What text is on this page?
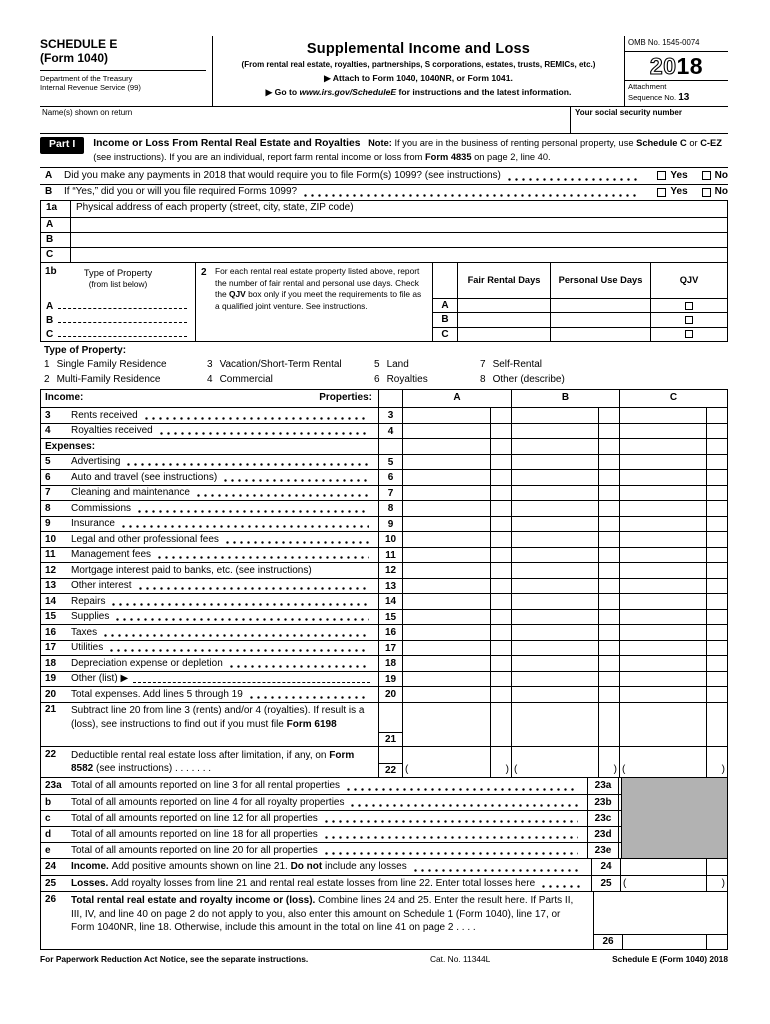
SCHEDULE E
(Form 1040)
Department of the Treasury
Internal Revenue Service (99)
Supplemental Income and Loss
(From rental real estate, royalties, partnerships, S corporations, estates, trusts, REMICs, etc.)
▶ Attach to Form 1040, 1040NR, or Form 1041.
▶ Go to www.irs.gov/ScheduleE for instructions and the latest information.
OMB No. 1545-0074
20 18
Attachment
Sequence No. 13
Name(s) shown on return	Your social security number
Part I	Income or Loss From Rental Real Estate and Royalties Note: If you are in the business of renting personal property, use Schedule C or C-EZ (see instructions). If you are an individual, report farm rental income or loss from Form 4835 on page 2, line 40.
A	Did you make any payments in 2018 that would require you to file Form(s) 1099? (see instructions)	Yes	No
B	If “Yes,” did you or will you file required Forms 1099?	Yes	No
1a	Physical address of each property (street, city, state, ZIP code)
A
B
C
1b	Type of Property
(from list below)
A
B
C
2 For each rental real estate property listed above, report the number of fair rental and personal use days. Check the QJV box only if you meet the requirements to file as a qualified joint venture. See instructions.
Fair Rental Days	Personal Use Days	QJV
A
B
C
Type of Property:
1 Single Family Residence	3 Vacation/Short-Term Rental	5 Land	7 Self-Rental
2 Multi-Family Residence	4 Commercial	6 Royalties	8 Other (describe)
Income:	Properties:	A	B	C
3	Rents received	3
4	Royalties received	4
Expenses:
5	Advertising	5
6	Auto and travel (see instructions)	6
7	Cleaning and maintenance	7
8	Commissions	8
9	Insurance	9
10	Legal and other professional fees	10
11	Management fees	11
12	Mortgage interest paid to banks, etc. (see instructions)	12
13	Other interest	13
14	Repairs	14
15	Supplies	15
16	Taxes	16
17	Utilities	17
18	Depreciation expense or depletion	18
19	Other (list) ▶	19
20	Total expenses. Add lines 5 through 19	20
21	Subtract line 20 from line 3 (rents) and/or 4 (royalties). If result is a (loss), see instructions to find out if you must file Form 6198
21
22	Deductible rental real estate loss after limitation, if any, on Form 8582 (see instructions) . . . . . . .	22 (	) (	) (	)
23a Total of all amounts reported on line 3 for all rental properties	23a
b	Total of all amounts reported on line 4 for all royalty properties	23b
c	Total of all amounts reported on line 12 for all properties	23c
d	Total of all amounts reported on line 18 for all properties	23d
e	Total of all amounts reported on line 20 for all properties	23e
24	Income. Add positive amounts shown on line 21. Do not include any losses	24
25	Losses. Add royalty losses from line 21 and rental real estate losses from line 22. Enter total losses here	25	(	)
26	Total rental real estate and royalty income or (loss). Combine lines 24 and 25. Enter the result here. If Parts II, III, IV, and line 40 on page 2 do not apply to you, also enter this amount on Schedule 1 (Form 1040), line 17, or Form 1040NR, line 18. Otherwise, include this amount in the total on line 41 on page 2 . . . .
26
For Paperwork Reduction Act Notice, see the separate instructions.	Cat. No. 11344L	Schedule E (Form 1040) 2018
